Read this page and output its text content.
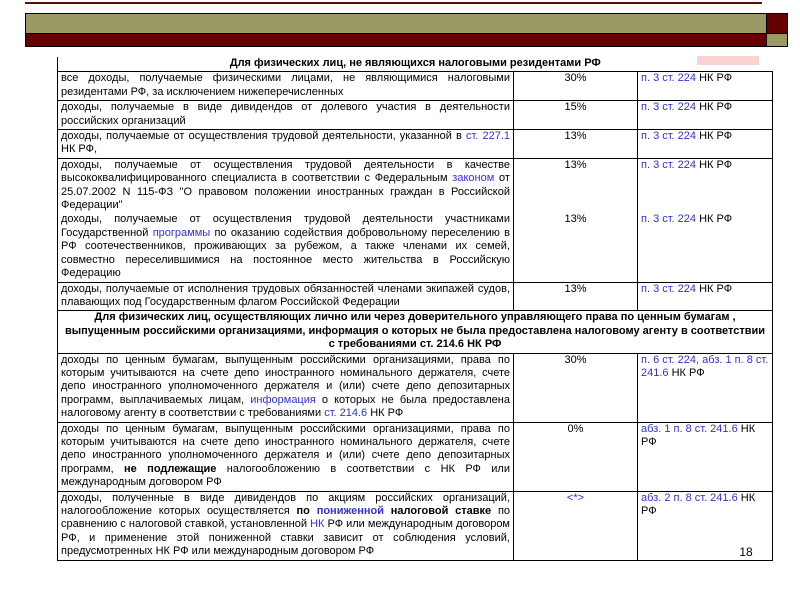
Для физических лиц, не являющихся налоговыми резидентами РФ		
все доходы, получаемые физическими лицами, не являющимися налоговыми резидентами РФ, за исключением нижеперечисленных	30%	п. 3 ст. 224 НК РФ
доходы, получаемые в виде дивидендов от долевого участия в деятельности российских организаций	15%	п. 3 ст. 224 НК РФ
доходы, получаемые от осуществления трудовой деятельности, указанной в ст. 227.1 НК РФ,	13%	п. 3 ст. 224 НК РФ
доходы, получаемые от осуществления трудовой деятельности в качестве высококвалифицированного специалиста в соответствии с Федеральным законом от 25.07.2002 N 115-ФЗ "О правовом положении иностранных граждан в Российской Федерации"	13%	п. 3 ст. 224 НК РФ
доходы, получаемые от осуществления трудовой деятельности участниками Государственной программы по оказанию содействия добровольному переселению в РФ соотечественников, проживающих за рубежом, а также членами их семей, совместно переселившимися на постоянное место жительства в Российскую Федерацию	13%	п. 3 ст. 224 НК РФ
доходы, получаемые от исполнения трудовых обязанностей членами экипажей судов, плавающих под Государственным флагом Российской Федерации	13%	п. 3 ст. 224 НК РФ
Для физических лиц, осуществляющих лично или через доверительного управляющего права по ценным бумагам , выпущенным российскими организациями, информация о которых не была предоставлена налоговому агенту в соответствии с требованиями ст. 214.6 НК РФ		
доходы по ценным бумагам, выпущенным российскими организациями, права по которым учитываются на счете депо иностранного номинального держателя, счете депо иностранного уполномоченного держателя и (или) счете депо депозитарных программ, выплачиваемых лицам, информация о которых не была предоставлена налоговому агенту в соответствии с требованиями ст. 214.6 НК РФ	30%	п. 6 ст. 224, абз. 1 п. 8 ст. 241.6 НК РФ
доходы по ценным бумагам, выпущенным российскими организациями, права по которым учитываются на счете депо иностранного номинального держателя, счете депо иностранного уполномоченного держателя и (или) счете депо депозитарных программ, не подлежащие налогообложению в соответствии с НК РФ или международным договором РФ	0%	абз. 1 п. 8 ст. 241.6 НК РФ
доходы, полученные в виде дивидендов по акциям российских организаций, налогообложение которых осуществляется по пониженной налоговой ставке по сравнению с налоговой ставкой, установленной НК РФ или международным договором РФ, и применение этой пониженной ставки зависит от соблюдения условий, предусмотренных НК РФ или международным договором РФ	<*>	абз. 2 п. 8 ст. 241.6 НК РФ
18
